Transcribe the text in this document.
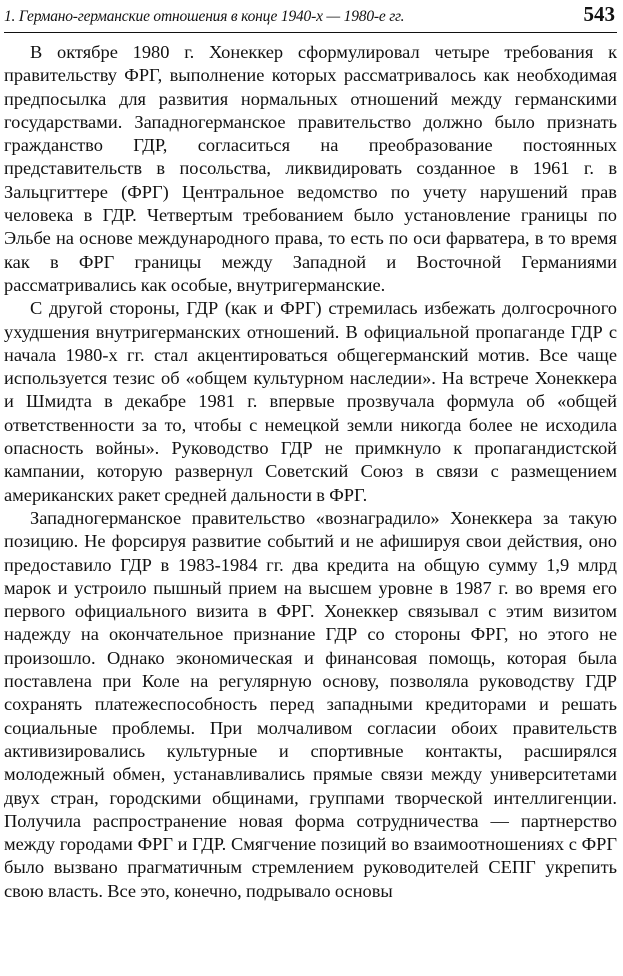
1. Германо-германские отношения в конце 1940-х — 1980-е гг.	543

В октябре 1980 г. Хонеккер сформулировал четыре требования к правительству ФРГ, выполнение которых рассматривалось как необходимая предпосылка для развития нормальных отношений между германскими государствами. Западногерманское правительство должно было признать гражданство ГДР, согласиться на преобразование постоянных представительств в посольства, ликвидировать созданное в 1961 г. в Зальцгиттере (ФРГ) Центральное ведомство по учету нарушений прав человека в ГДР. Четвертым требованием было установление границы по Эльбе на основе международного права, то есть по оси фарватера, в то время как в ФРГ границы между Западной и Восточной Германиями рассматривались как особые, внутригерманские.

С другой стороны, ГДР (как и ФРГ) стремилась избежать долгосрочного ухудшения внутригерманских отношений. В официальной пропаганде ГДР с начала 1980-х гг. стал акцентироваться общегерманский мотив. Все чаще используется тезис об «общем культурном наследии». На встрече Хонеккера и Шмидта в декабре 1981 г. впервые прозвучала формула об «общей ответственности за то, чтобы с немецкой земли никогда более не исходила опасность войны». Руководство ГДР не примкнуло к пропагандистской кампании, которую развернул Советский Союз в связи с размещением американских ракет средней дальности в ФРГ.

Западногерманское правительство «вознаградило» Хонеккера за такую позицию. Не форсируя развитие событий и не афишируя свои действия, оно предоставило ГДР в 1983-1984 гг. два кредита на общую сумму 1,9 млрд марок и устроило пышный прием на высшем уровне в 1987 г. во время его первого официального визита в ФРГ. Хонеккер связывал с этим визитом надежду на окончательное признание ГДР со стороны ФРГ, но этого не произошло. Однако экономическая и финансовая помощь, которая была поставлена при Коле на регулярную основу, позволяла руководству ГДР сохранять платежеспособность перед западными кредиторами и решать социальные проблемы. При молчаливом согласии обоих правительств активизировались культурные и спортивные контакты, расширялся молодежный обмен, устанавливались прямые связи между университетами двух стран, городскими общинами, группами творческой интеллигенции. Получила распространение новая форма сотрудничества — партнерство между городами ФРГ и ГДР. Смягчение позиций во взаимоотношениях с ФРГ было вызвано прагматичным стремлением руководителей СЕПГ укрепить свою власть. Все это, конечно, подрывало основы
